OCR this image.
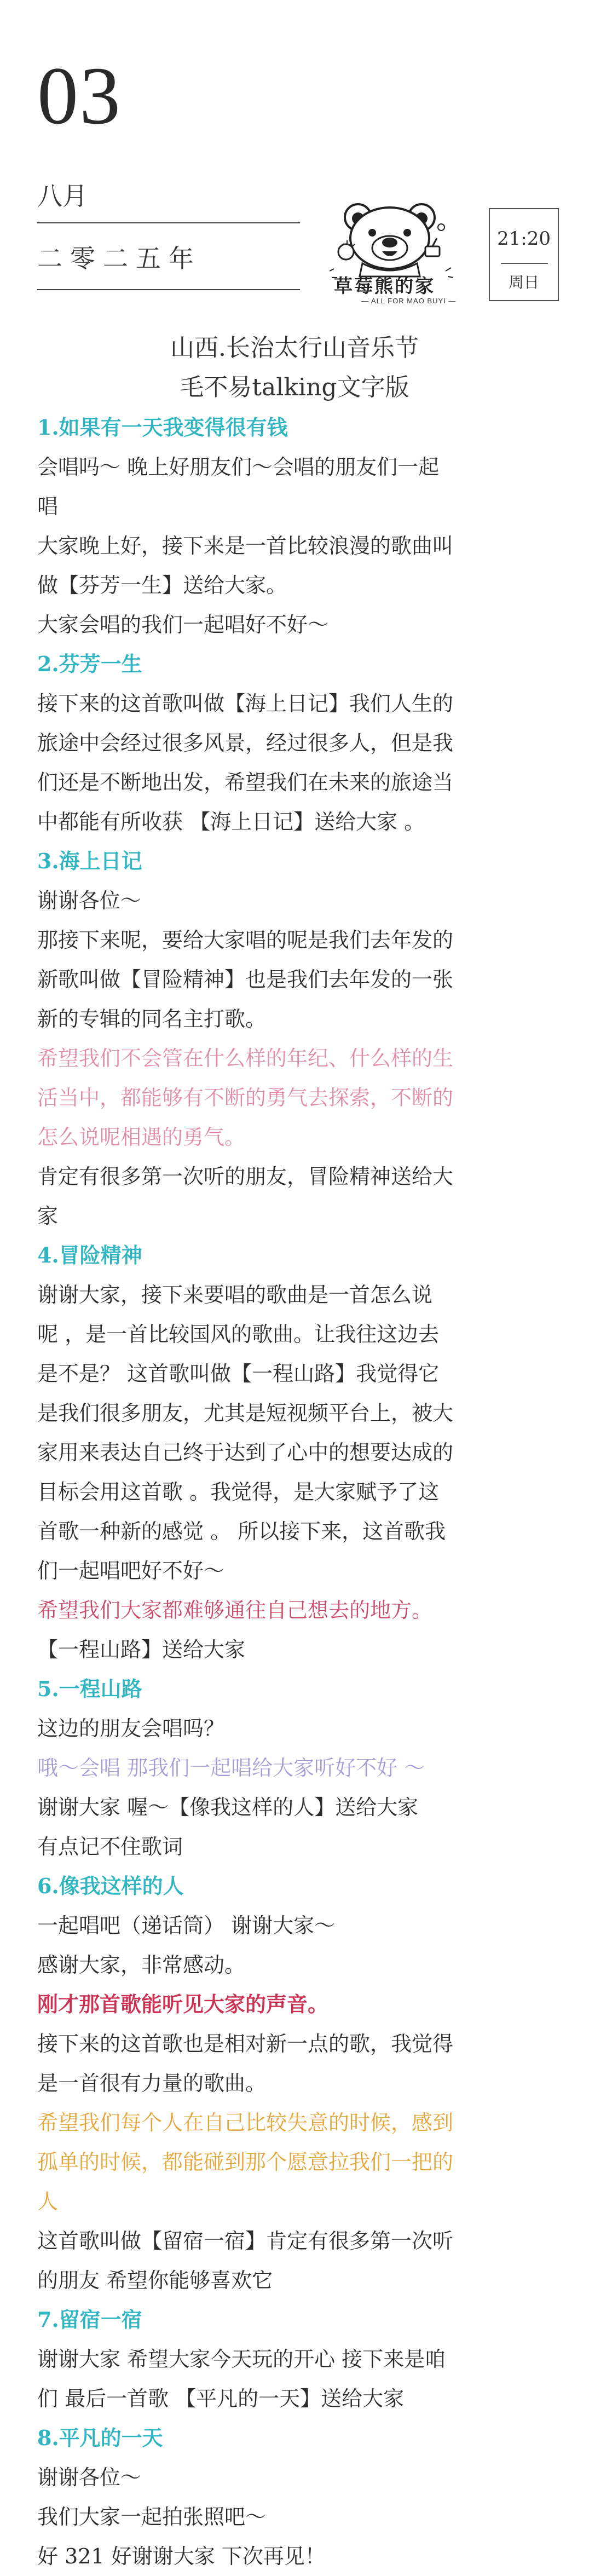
03
八月
二零二五年
草莓熊的家
— ALL FOR MAO BUYI —
21:20
周日
山西.长治太行山音乐节
毛不易talking文字版
1.如果有一天我变得很有钱
会唱吗～ 晚上好朋友们～会唱的朋友们一起
唱
大家晚上好，接下来是一首比较浪漫的歌曲叫
做【芬芳一生】送给大家。
大家会唱的我们一起唱好不好～
2.芬芳一生
接下来的这首歌叫做【海上日记】我们人生的
旅途中会经过很多风景，经过很多人，但是我
们还是不断地出发，希望我们在未来的旅途当
中都能有所收获 【海上日记】送给大家 。
3.海上日记
谢谢各位～
那接下来呢，要给大家唱的呢是我们去年发的
新歌叫做【冒险精神】也是我们去年发的一张
新的专辑的同名主打歌。
希望我们不会管在什么样的年纪、什么样的生
活当中，都能够有不断的勇气去探索，不断的
怎么说呢相遇的勇气。
肯定有很多第一次听的朋友，冒险精神送给大
家
4.冒险精神
谢谢大家，接下来要唱的歌曲是一首怎么说
呢 ，是一首比较国风的歌曲。让我往这边去
是不是？ 这首歌叫做【一程山路】我觉得它
是我们很多朋友，尤其是短视频平台上，被大
家用来表达自己终于达到了心中的想要达成的
目标会用这首歌 。我觉得，是大家赋予了这
首歌一种新的感觉 。 所以接下来，这首歌我
们一起唱吧好不好～
希望我们大家都难够通往自己想去的地方。
【一程山路】送给大家
5.一程山路
这边的朋友会唱吗？
哦～会唱 那我们一起唱给大家听好不好 ～
谢谢大家 喔～【像我这样的人】送给大家
有点记不住歌词
6.像我这样的人
一起唱吧（递话筒） 谢谢大家～
感谢大家，非常感动。
刚才那首歌能听见大家的声音。
接下来的这首歌也是相对新一点的歌，我觉得
是一首很有力量的歌曲。
希望我们每个人在自己比较失意的时候，感到
孤单的时候，都能碰到那个愿意拉我们一把的
人
这首歌叫做【留宿一宿】肯定有很多第一次听
的朋友 希望你能够喜欢它
7.留宿一宿
谢谢大家 希望大家今天玩的开心 接下来是咱
们 最后一首歌 【平凡的一天】送给大家
8.平凡的一天
谢谢各位～
我们大家一起拍张照吧～
好 321 好谢谢大家 下次再见！
